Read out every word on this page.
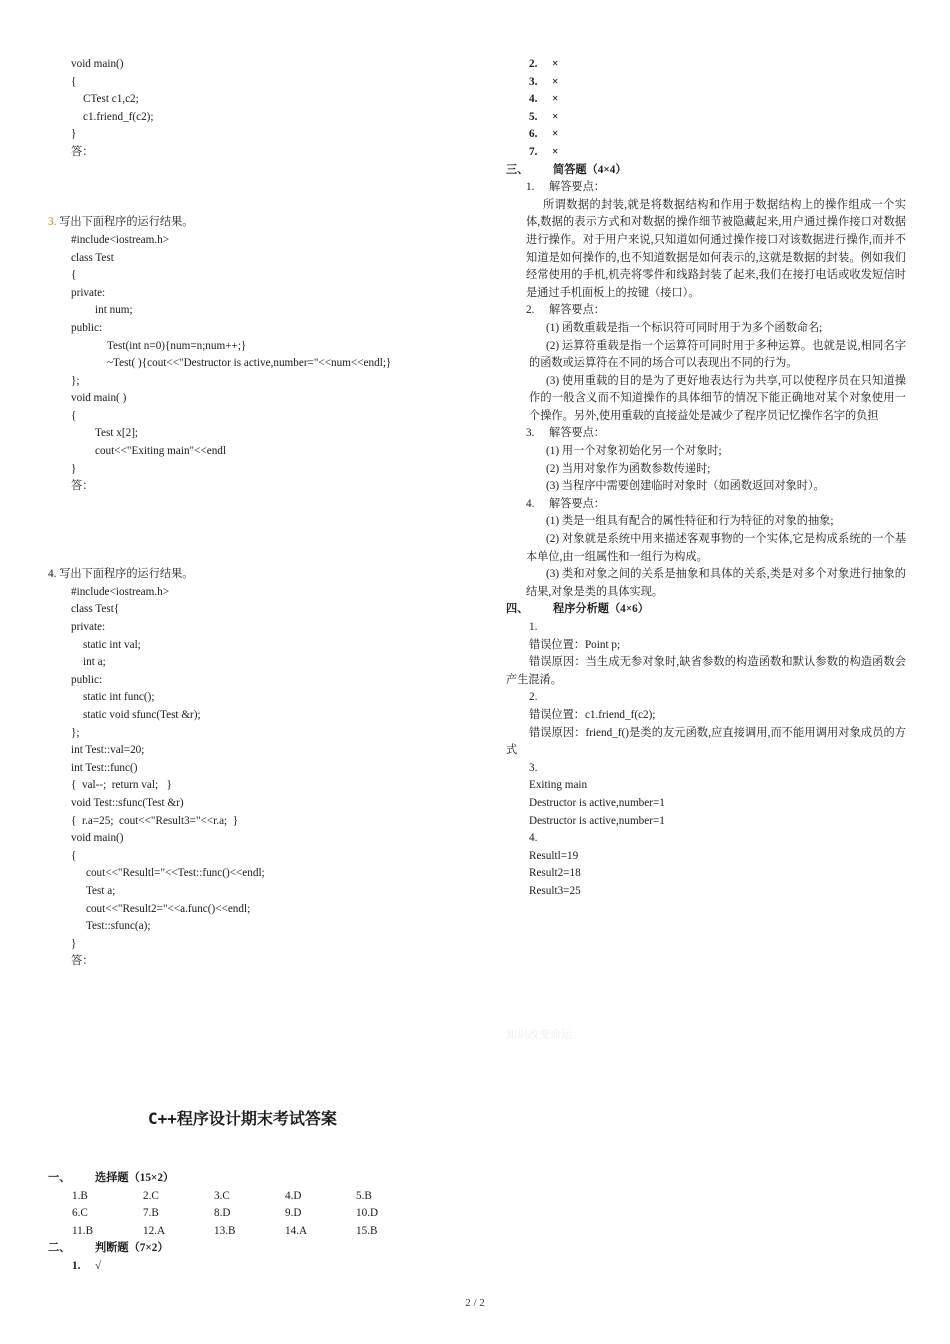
void main()
{
CTest c1,c2;
c1.friend_f(c2);
}
答：
3. 写出下面程序的运行结果。
#include<iostream.h>
class Test
{
private:
int num;
public:
Test(int n=0){num=n;num++;}
~Test( ){cout<<"Destructor is active,number="<<num<<endl;}
};
void main( )
{
Test x[2];
cout<<"Exiting main"<<endl
}
答：
4. 写出下面程序的运行结果。
#include<iostream.h>
class Test{
private:
static int val;
int a;
public:
static int func();
static void sfunc(Test &r);
};
int Test::val=20;
int Test::func()
{  val--;  return val;   }
void Test::sfunc(Test &r)
{  r.a=25;  cout<<"Result3="<<r.a;  }
void main()
{
cout<<"Resultl="<<Test::func()<<endl;
Test a;
cout<<"Result2="<<a.func()<<endl;
Test::sfunc(a);
}
答：
2. ×
3. ×
4. ×
5. ×
6. ×
7. ×
三、 简答题（4×4）
1. 解答要点：
所谓数据的封装,就是将数据结构和作用于数据结构上的操作组成一个实体,数据的表示方式和对数据的操作细节被隐藏起来,用户通过操作接口对数据进行操作。对于用户来说,只知道如何通过操作接口对该数据进行操作,而并不知道是如何操作的,也不知道数据是如何表示的,这就是数据的封装。例如我们经常使用的手机,机壳将零件和线路封装了起来,我们在接打电话或收发短信时是通过手机面板上的按键（接口）。
2. 解答要点：
(1) 函数重载是指一个标识符可同时用于为多个函数命名;
(2) 运算符重载是指一个运算符可同时用于多种运算。也就是说,相同名字的函数或运算符在不同的场合可以表现出不同的行为。
(3) 使用重载的目的是为了更好地表达行为共享,可以使程序员在只知道操作的一般含义而不知道操作的具体细节的情况下能正确地对某个对象使用一个操作。另外,使用重载的直接益处是减少了程序员记忆操作名字的负担
3. 解答要点：
(1) 用一个对象初始化另一个对象时;
(2) 当用对象作为函数参数传递时;
(3) 当程序中需要创建临时对象时（如函数返回对象时）。
4. 解答要点：
(1) 类是一组具有配合的属性特征和行为特征的对象的抽象;
(2) 对象就是系统中用来描述客观事物的一个实体,它是构成系统的一个基本单位,由一组属性和一组行为构成。
(3) 类和对象之间的关系是抽象和具体的关系,类是对多个对象进行抽象的结果,对象是类的具体实现。
四、 程序分析题（4×6）
1.
错误位置：Point p;
错误原因：当生成无参对象时,缺省参数的构造函数和默认参数的构造函数会产生混淆。
2.
错误位置：c1.friend_f(c2);
错误原因：friend_f()是类的友元函数,应直接调用,而不能用调用对象成员的方式
3.
Exiting main
Destructor is active,number=1
Destructor is active,number=1
4.
Resultl=19
Result2=18
Result3=25
知识改变命运
C++程序设计期末考试答案
一、 选择题（15×2）
1.B	2.C	3.C	4.D	5.B
6.C	7.B	8.D	9.D	10.D
11.B	12.A	13.B	14.A	15.B
二、 判断题（7×2）
1. √
2 / 2
